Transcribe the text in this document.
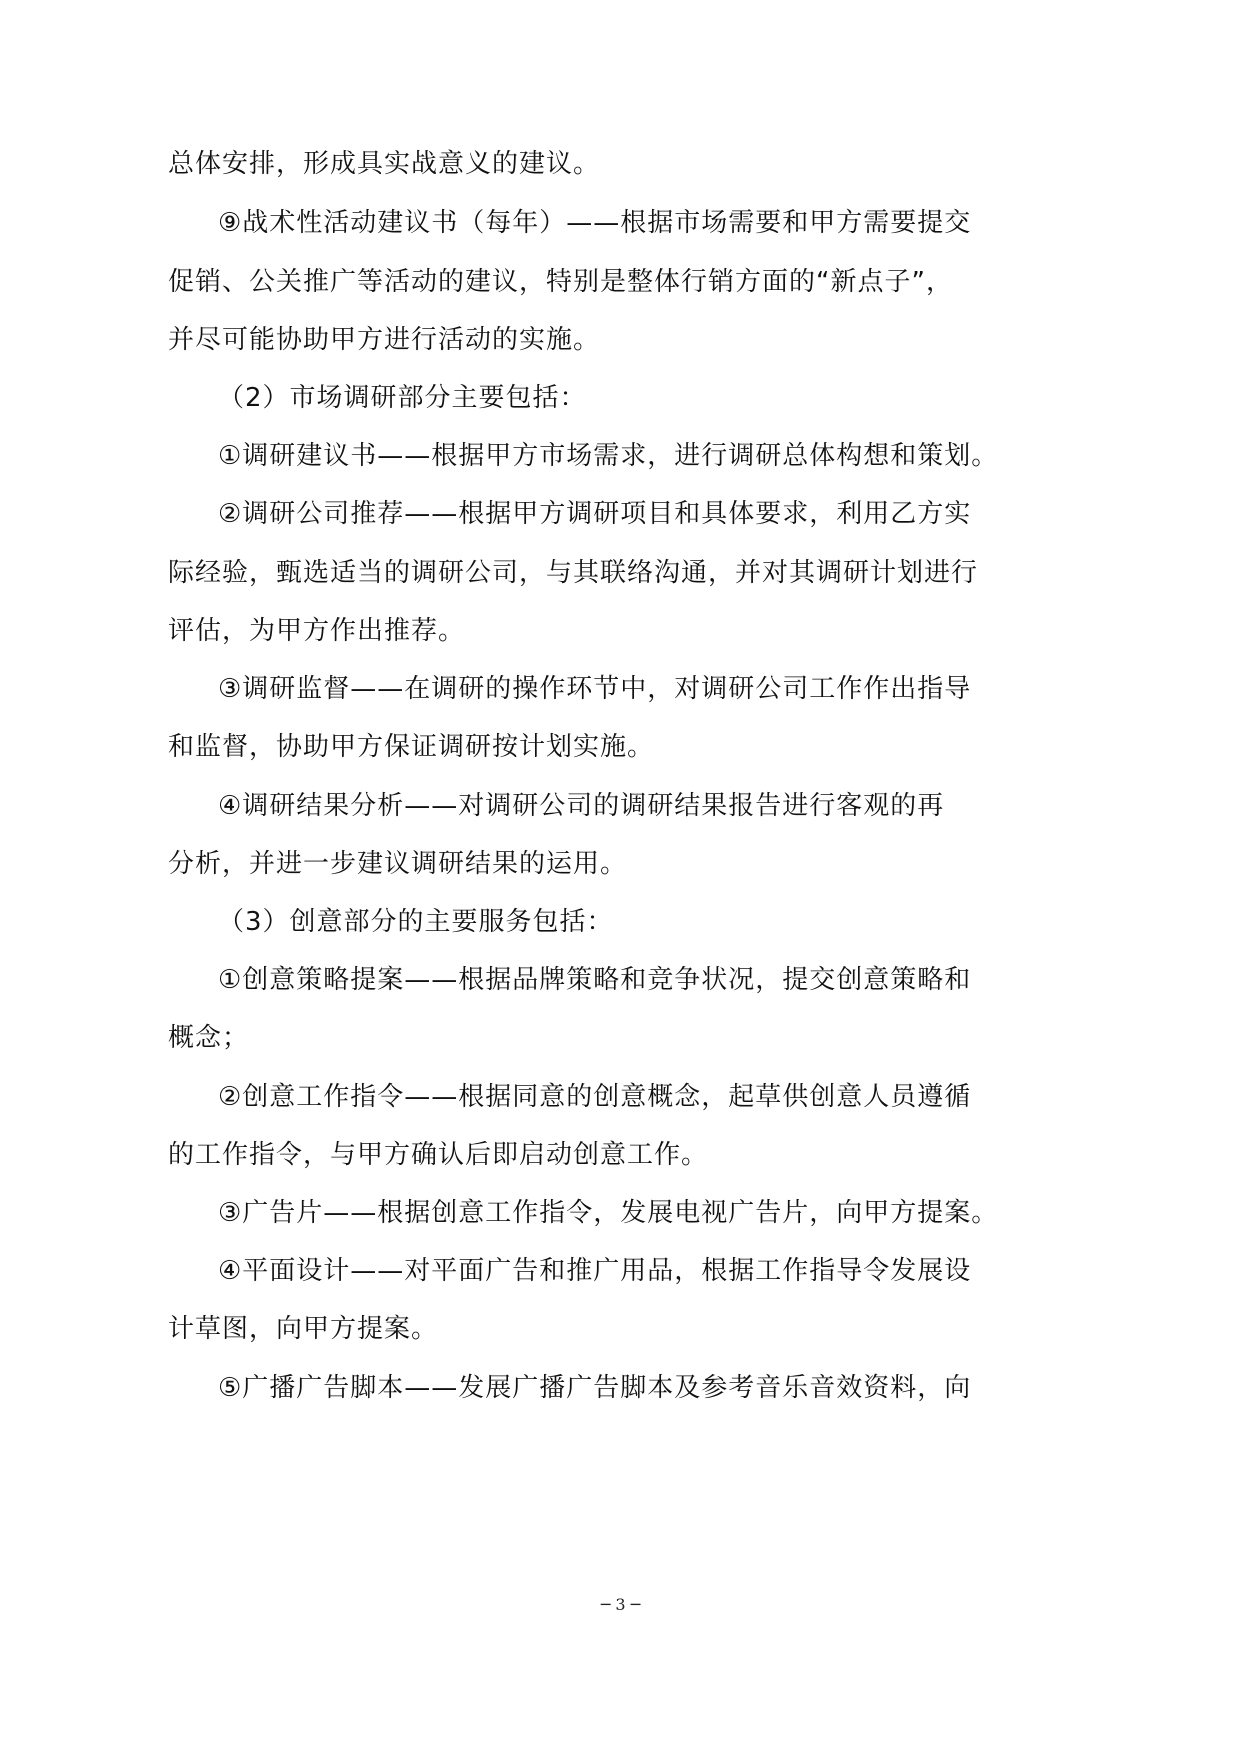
总体安排，形成具实战意义的建议。
⑨战术性活动建议书（每年）——根据市场需要和甲方需要提交
促销、公关推广等活动的建议，特别是整体行销方面的“新点子”，
并尽可能协助甲方进行活动的实施。
（2）市场调研部分主要包括：
①调研建议书——根据甲方市场需求，进行调研总体构想和策划。
②调研公司推荐——根据甲方调研项目和具体要求，利用乙方实
际经验，甄选适当的调研公司，与其联络沟通，并对其调研计划进行
评估，为甲方作出推荐。
③调研监督——在调研的操作环节中，对调研公司工作作出指导
和监督，协助甲方保证调研按计划实施。
④调研结果分析——对调研公司的调研结果报告进行客观的再
分析，并进一步建议调研结果的运用。
（3）创意部分的主要服务包括：
①创意策略提案——根据品牌策略和竞争状况，提交创意策略和
概念；
②创意工作指令——根据同意的创意概念，起草供创意人员遵循
的工作指令，与甲方确认后即启动创意工作。
③广告片——根据创意工作指令，发展电视广告片，向甲方提案。
④平面设计——对平面广告和推广用品，根据工作指导令发展设
计草图，向甲方提案。
⑤广播广告脚本——发展广播广告脚本及参考音乐音效资料，向
─ 3 ─
